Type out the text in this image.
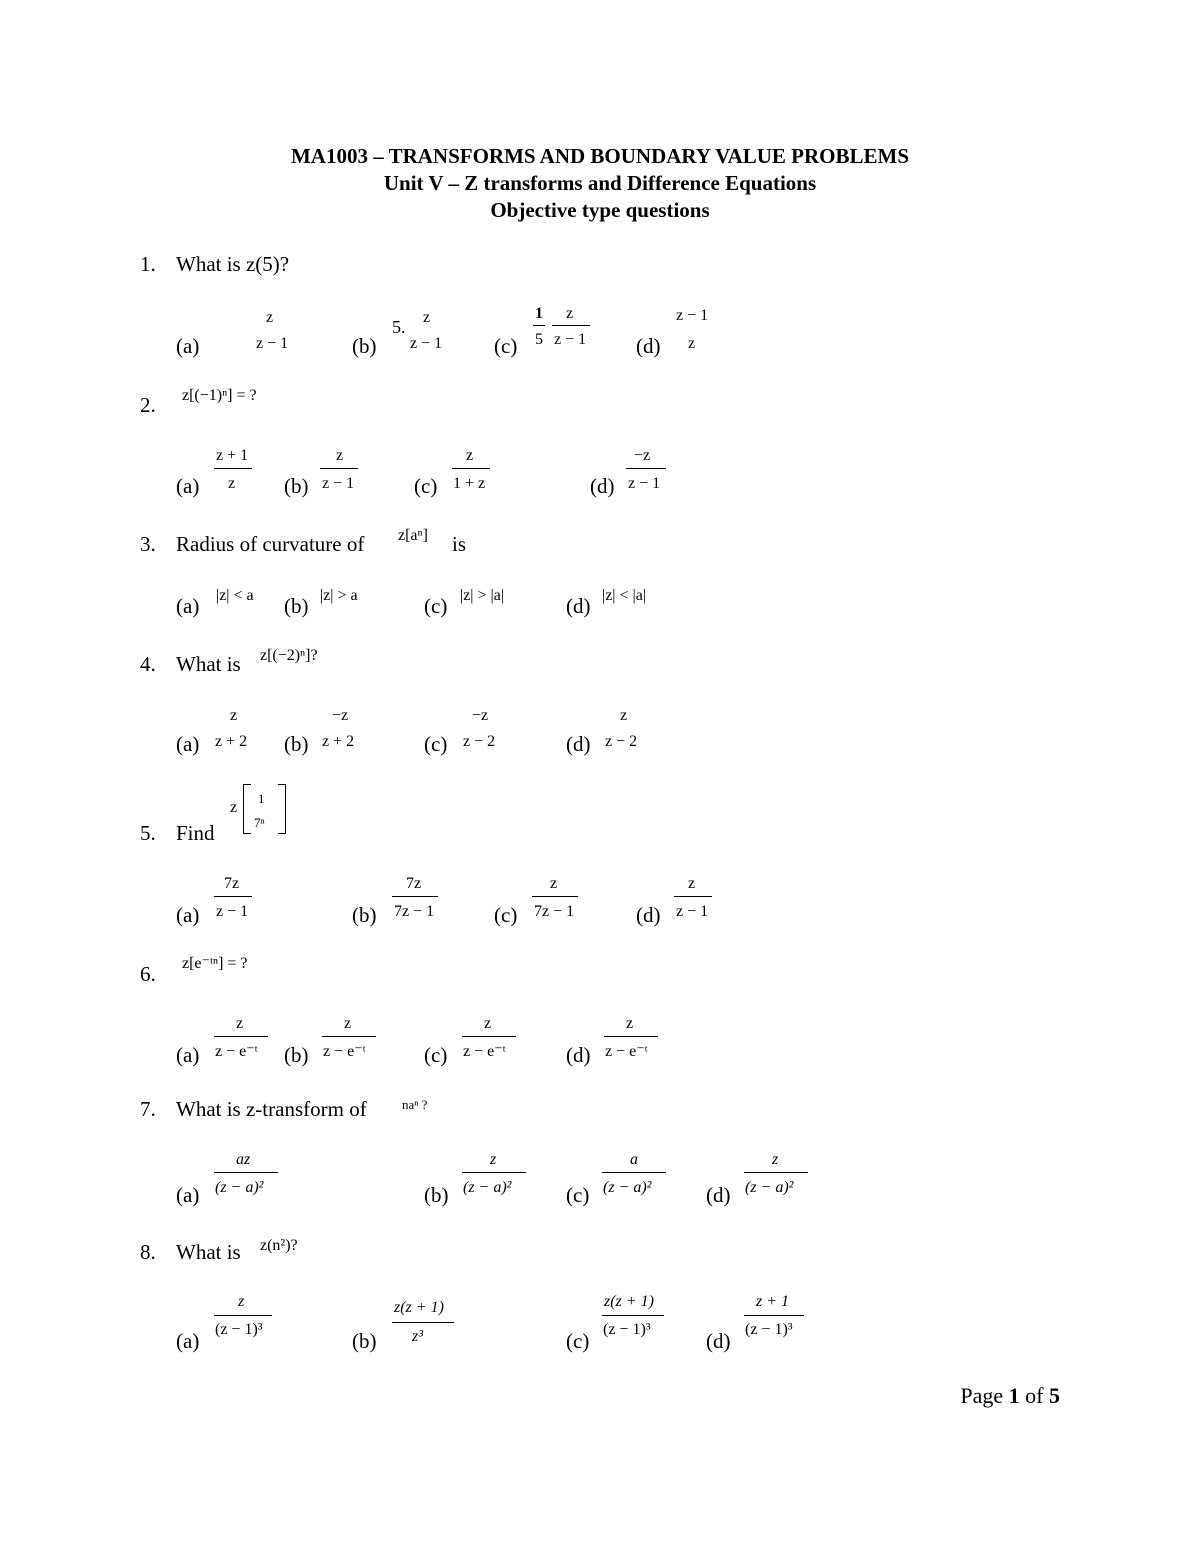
MA1003 – TRANSFORMS AND BOUNDARY VALUE PROBLEMS
Unit V – Z transforms and Difference Equations
Objective type questions
1. What is z(5)?
(a)
z
z − 1	(b)
5. z
z − 1 (c)
1
5
z
z − 1 (d)
z − 1
z
2. z[(−1)ⁿ] = ?
(a)
z + 1
z (b)
z
z − 1	(c)
z
1 + z	(d)
−z
z − 1
3. Radius of curvature of z[aⁿ] is
(a) |z| < a (b) |z| > a	(c) |z| > |a|	(d) |z| < |a|
4. What is z[(−2)ⁿ]?
(a)
z
z + 2 (b)
−z
z + 2	(c)
−z
z − 2	(d)
z
z − 2
5. Find
z
1
7ⁿ
(a)
7z
z − 1	(b)
7z
7z − 1	(c)
z
7z − 1	(d)
z
z − 1
6. z[e⁻ᵗⁿ] = ?
(a)
z
z − e⁻ᵗ (b)
z
z − e⁻ᵗ	(c)
z
z − e⁻ᵗ	(d)
z
z − e⁻ᵗ
7. What is z-transform of	naⁿ ?
(a)
az
(z − a)²	(b)
z
(z − a)²	(c)
a
(z − a)²	(d)
z
(z − a)²
8. What is z(n²)?
(a)
z
(z − 1)³	(b)
z(z + 1)
z³	(c)
z(z + 1)
(z − 1)³	(d)
z + 1
(z − 1)³
Page 1 of 5
